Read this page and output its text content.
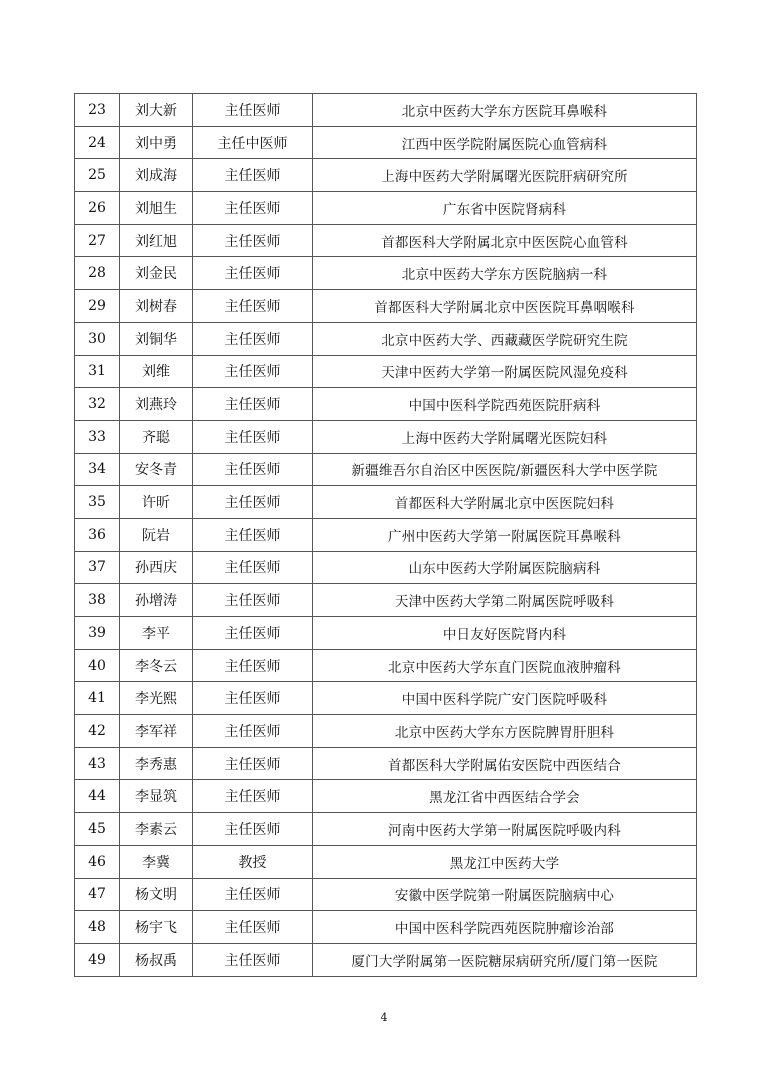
23	刘大新	主任医师	北京中医药大学东方医院耳鼻喉科
24	刘中勇	主任中医师	江西中医学院附属医院心血管病科
25	刘成海	主任医师	上海中医药大学附属曙光医院肝病研究所
26	刘旭生	主任医师	广东省中医院肾病科
27	刘红旭	主任医师	首都医科大学附属北京中医医院心血管科
28	刘金民	主任医师	北京中医药大学东方医院脑病一科
29	刘树春	主任医师	首都医科大学附属北京中医医院耳鼻咽喉科
30	刘铜华	主任医师	北京中医药大学、西藏藏医学院研究生院
31	刘维	主任医师	天津中医药大学第一附属医院风湿免疫科
32	刘燕玲	主任医师	中国中医科学院西苑医院肝病科
33	齐聪	主任医师	上海中医药大学附属曙光医院妇科
34	安冬青	主任医师	新疆维吾尔自治区中医医院/新疆医科大学中医学院
35	许昕	主任医师	首都医科大学附属北京中医医院妇科
36	阮岩	主任医师	广州中医药大学第一附属医院耳鼻喉科
37	孙西庆	主任医师	山东中医药大学附属医院脑病科
38	孙增涛	主任医师	天津中医药大学第二附属医院呼吸科
39	李平	主任医师	中日友好医院肾内科
40	李冬云	主任医师	北京中医药大学东直门医院血液肿瘤科
41	李光熙	主任医师	中国中医科学院广安门医院呼吸科
42	李军祥	主任医师	北京中医药大学东方医院脾胃肝胆科
43	李秀惠	主任医师	首都医科大学附属佑安医院中西医结合
44	李显筑	主任医师	黑龙江省中西医结合学会
45	李素云	主任医师	河南中医药大学第一附属医院呼吸内科
46	李冀	教授	黑龙江中医药大学
47	杨文明	主任医师	安徽中医学院第一附属医院脑病中心
48	杨宇飞	主任医师	中国中医科学院西苑医院肿瘤诊治部
49	杨叔禹	主任医师	厦门大学附属第一医院糖尿病研究所/厦门第一医院
4
